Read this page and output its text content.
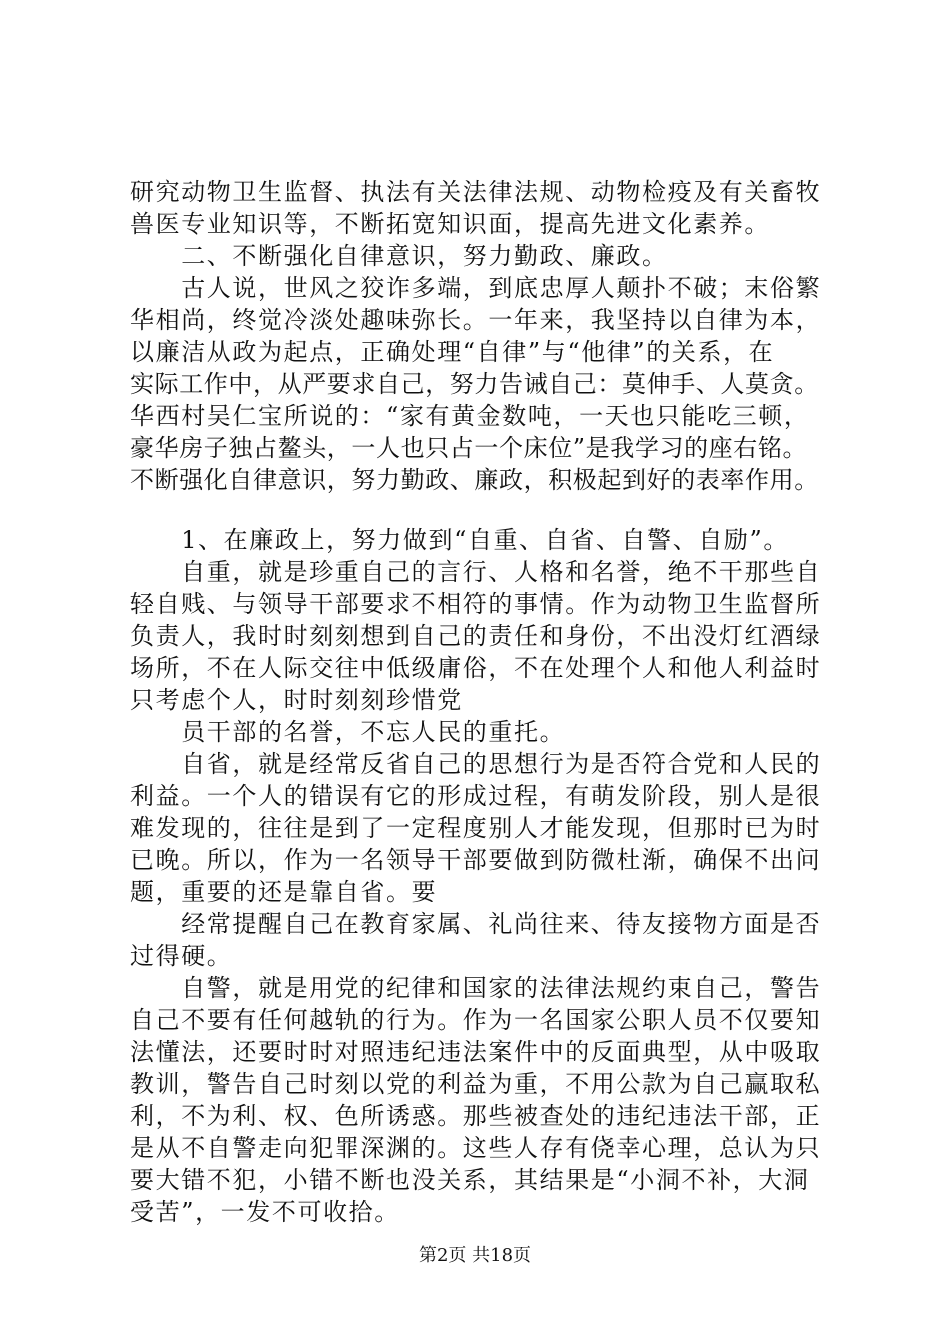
研究动物卫生监督、执法有关法律法规、动物检疫及有关畜牧
兽医专业知识等，不断拓宽知识面，提高先进文化素养。
　　二、不断强化自律意识，努力勤政、廉政。
　　古人说，世风之狡诈多端，到底忠厚人颠扑不破；末俗繁
华相尚，终觉冷淡处趣味弥长。一年来，我坚持以自律为本，
以廉洁从政为起点，正确处理“自律”与“他律”的关系，在
实际工作中，从严要求自己，努力告诫自己：莫伸手、人莫贪。
华西村吴仁宝所说的：“家有黄金数吨，一天也只能吃三顿，
豪华房子独占鳌头，一人也只占一个床位”是我学习的座右铭。
不断强化自律意识，努力勤政、廉政，积极起到好的表率作用。
　　1、在廉政上，努力做到“自重、自省、自警、自励”。
　　自重，就是珍重自己的言行、人格和名誉，绝不干那些自
轻自贱、与领导干部要求不相符的事情。作为动物卫生监督所
负责人，我时时刻刻想到自己的责任和身份，不出没灯红酒绿
场所，不在人际交往中低级庸俗，不在处理个人和他人利益时
只考虑个人，时时刻刻珍惜党
　　员干部的名誉，不忘人民的重托。
　　自省，就是经常反省自己的思想行为是否符合党和人民的
利益。一个人的错误有它的形成过程，有萌发阶段，别人是很
难发现的，往往是到了一定程度别人才能发现，但那时已为时
已晚。所以，作为一名领导干部要做到防微杜渐，确保不出问
题，重要的还是靠自省。要
　　经常提醒自己在教育家属、礼尚往来、待友接物方面是否
过得硬。
　　自警，就是用党的纪律和国家的法律法规约束自己，警告
自己不要有任何越轨的行为。作为一名国家公职人员不仅要知
法懂法，还要时时对照违纪违法案件中的反面典型，从中吸取
教训，警告自己时刻以党的利益为重，不用公款为自己赢取私
利，不为利、权、色所诱惑。那些被查处的违纪违法干部，正
是从不自警走向犯罪深渊的。这些人存有侥幸心理，总认为只
要大错不犯，小错不断也没关系，其结果是“小洞不补，大洞
受苦”，一发不可收拾。
第2页 共18页
